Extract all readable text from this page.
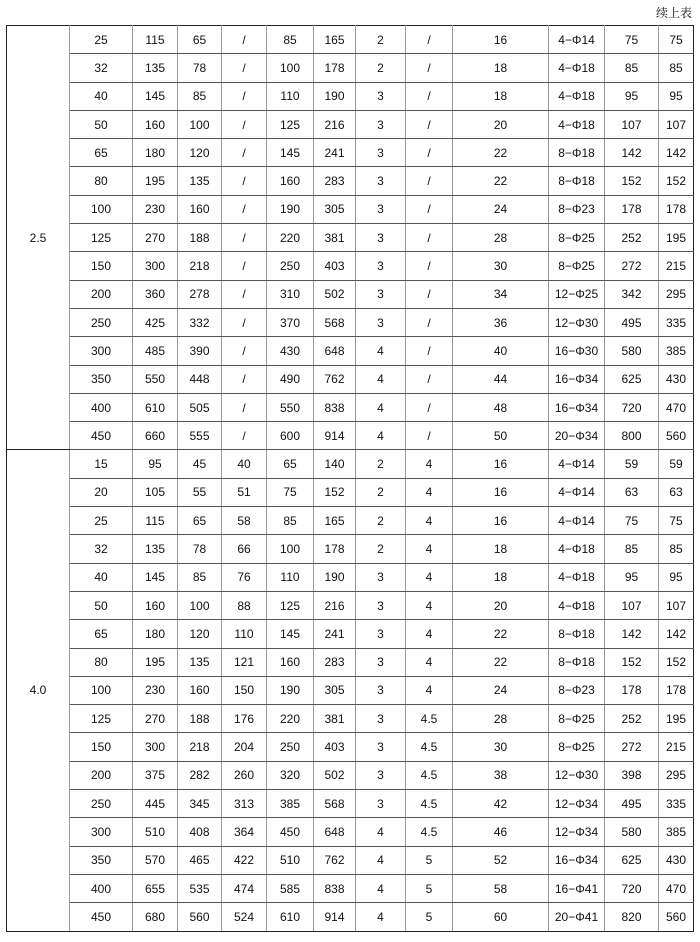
续上表
2.5	25	115	65	/	85	165	2	/	16	4−Φ14	75	75
	32	135	78	/	100	178	2	/	18	4−Φ18	85	85
	40	145	85	/	110	190	3	/	18	4−Φ18	95	95
	50	160	100	/	125	216	3	/	20	4−Φ18	107	107
	65	180	120	/	145	241	3	/	22	8−Φ18	142	142
	80	195	135	/	160	283	3	/	22	8−Φ18	152	152
	100	230	160	/	190	305	3	/	24	8−Φ23	178	178
	125	270	188	/	220	381	3	/	28	8−Φ25	252	195
	150	300	218	/	250	403	3	/	30	8−Φ25	272	215
	200	360	278	/	310	502	3	/	34	12−Φ25	342	295
	250	425	332	/	370	568	3	/	36	12−Φ30	495	335
	300	485	390	/	430	648	4	/	40	16−Φ30	580	385
	350	550	448	/	490	762	4	/	44	16−Φ34	625	430
	400	610	505	/	550	838	4	/	48	16−Φ34	720	470
	450	660	555	/	600	914	4	/	50	20−Φ34	800	560
4.0	15	95	45	40	65	140	2	4	16	4−Φ14	59	59
	20	105	55	51	75	152	2	4	16	4−Φ14	63	63
	25	115	65	58	85	165	2	4	16	4−Φ14	75	75
	32	135	78	66	100	178	2	4	18	4−Φ18	85	85
	40	145	85	76	110	190	3	4	18	4−Φ18	95	95
	50	160	100	88	125	216	3	4	20	4−Φ18	107	107
	65	180	120	110	145	241	3	4	22	8−Φ18	142	142
	80	195	135	121	160	283	3	4	22	8−Φ18	152	152
	100	230	160	150	190	305	3	4	24	8−Φ23	178	178
	125	270	188	176	220	381	3	4.5	28	8−Φ25	252	195
	150	300	218	204	250	403	3	4.5	30	8−Φ25	272	215
	200	375	282	260	320	502	3	4.5	38	12−Φ30	398	295
	250	445	345	313	385	568	3	4.5	42	12−Φ34	495	335
	300	510	408	364	450	648	4	4.5	46	12−Φ34	580	385
	350	570	465	422	510	762	4	5	52	16−Φ34	625	430
	400	655	535	474	585	838	4	5	58	16−Φ41	720	470
	450	680	560	524	610	914	4	5	60	20−Φ41	820	560
